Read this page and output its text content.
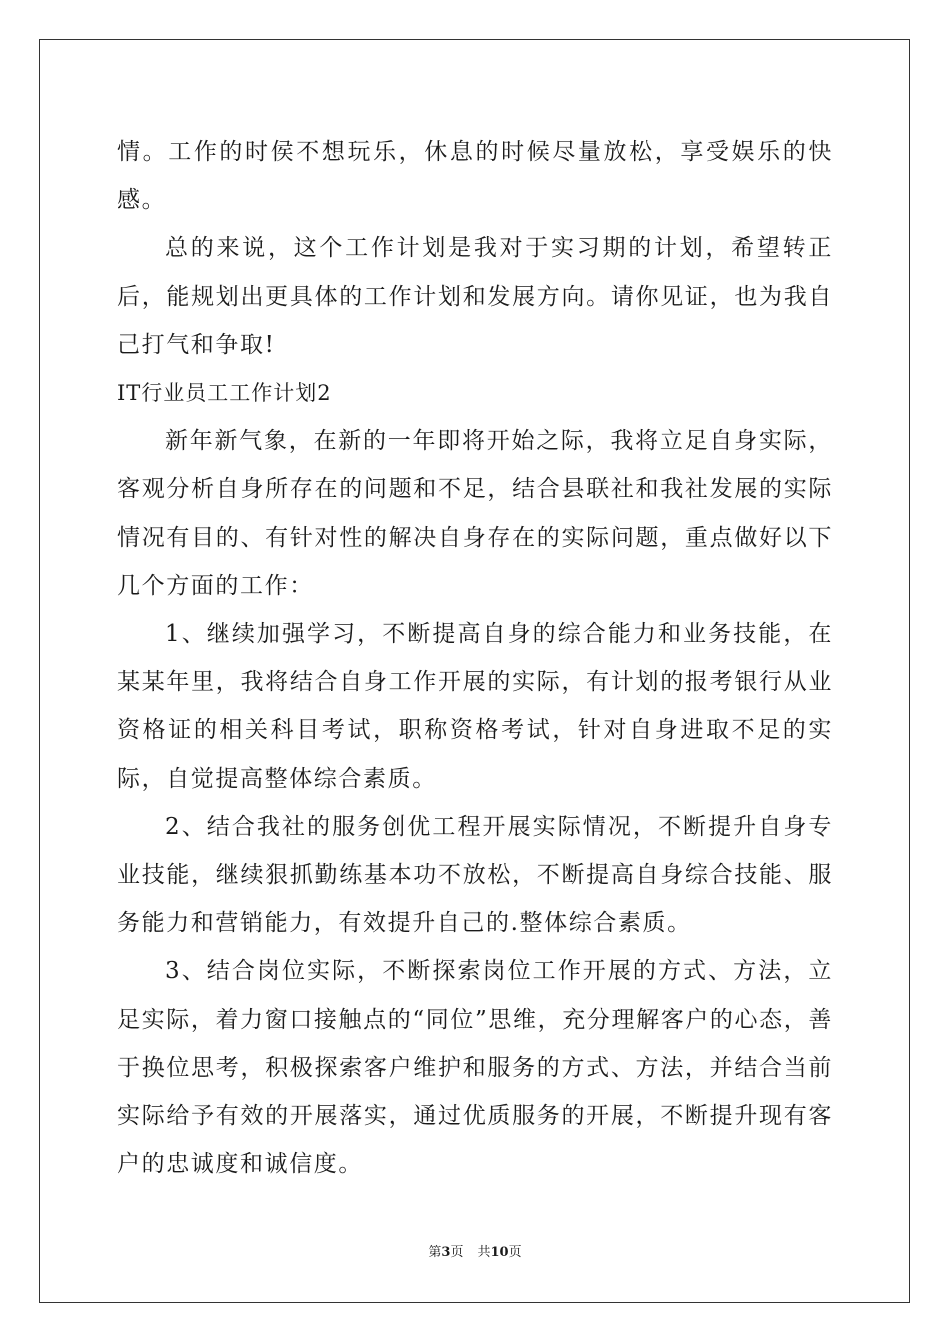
情。工作的时侯不想玩乐，休息的时候尽量放松，享受娱乐的快感。

总的来说，这个工作计划是我对于实习期的计划，希望转正后，能规划出更具体的工作计划和发展方向。请你见证，也为我自己打气和争取!

IT行业员工工作计划2

新年新气象，在新的一年即将开始之际，我将立足自身实际，客观分析自身所存在的问题和不足，结合县联社和我社发展的实际情况有目的、有针对性的解决自身存在的实际问题，重点做好以下几个方面的工作：

1、继续加强学习，不断提高自身的综合能力和业务技能，在某某年里，我将结合自身工作开展的实际，有计划的报考银行从业资格证的相关科目考试，职称资格考试，针对自身进取不足的实际，自觉提高整体综合素质。

2、结合我社的服务创优工程开展实际情况，不断提升自身专业技能，继续狠抓勤练基本功不放松，不断提高自身综合技能、服务能力和营销能力，有效提升自己的.整体综合素质。

3、结合岗位实际，不断探索岗位工作开展的方式、方法，立足实际，着力窗口接触点的“同位”思维，充分理解客户的心态，善于换位思考，积极探索客户维护和服务的方式、方法，并结合当前实际给予有效的开展落实，通过优质服务的开展，不断提升现有客户的忠诚度和诚信度。

第3页 共10页
